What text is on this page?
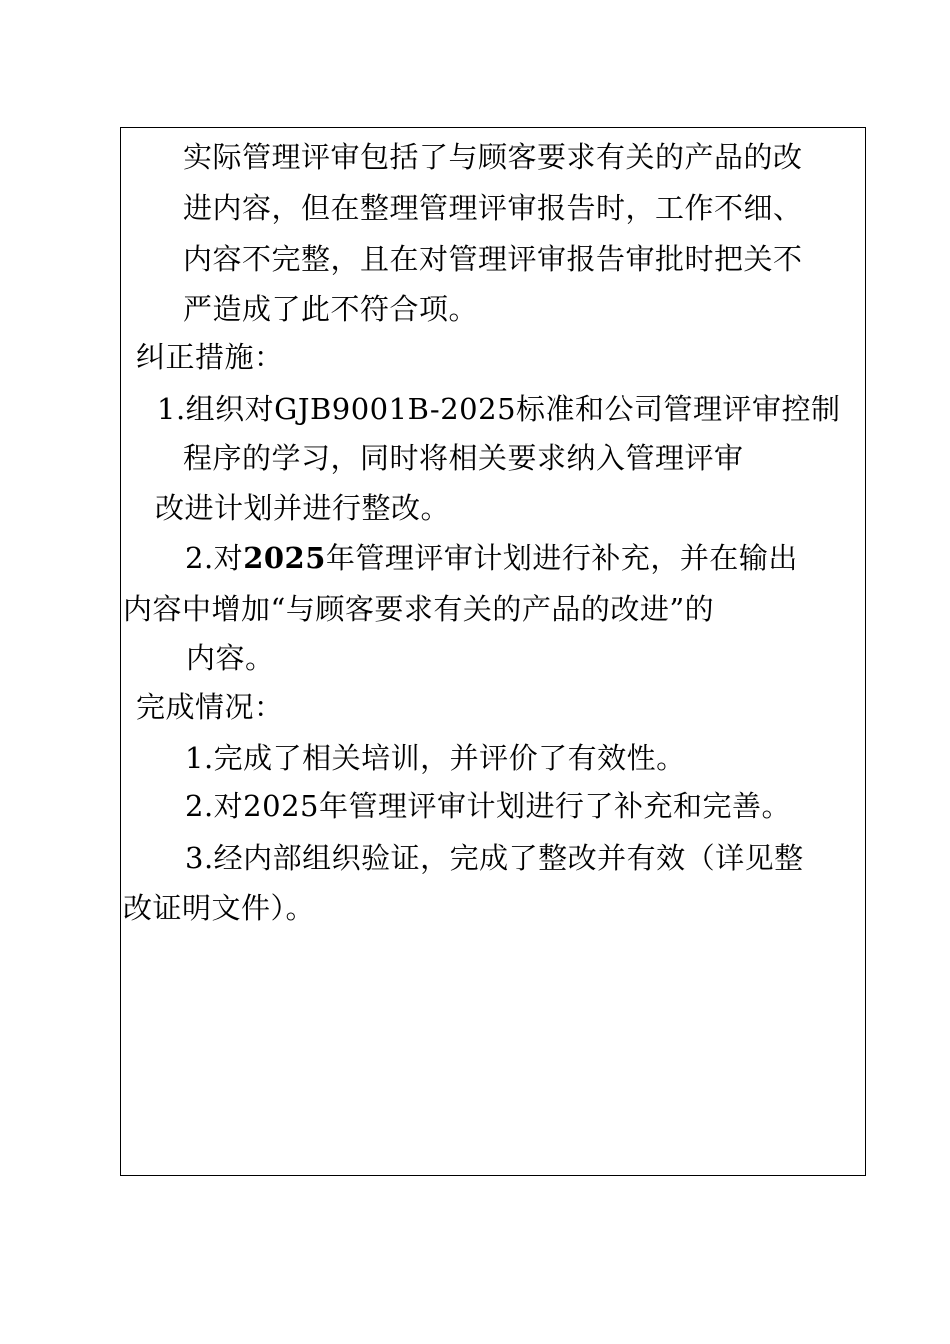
实际管理评审包括了与顾客要求有关的产品的改
进内容，但在整理管理评审报告时，工作不细、
内容不完整，且在对管理评审报告审批时把关不
严造成了此不符合项。
纠正措施：
1.组织对GJB9001B-2025标准和公司管理评审控制
程序的学习，同时将相关要求纳入管理评审
改进计划并进行整改。
2.对2025年管理评审计划进行补充，并在输出
内容中增加“与顾客要求有关的产品的改进”的
内容。
完成情况：
1.完成了相关培训，并评价了有效性。
2.对2025年管理评审计划进行了补充和完善。
3.经内部组织验证，完成了整改并有效（详见整
改证明文件）。
